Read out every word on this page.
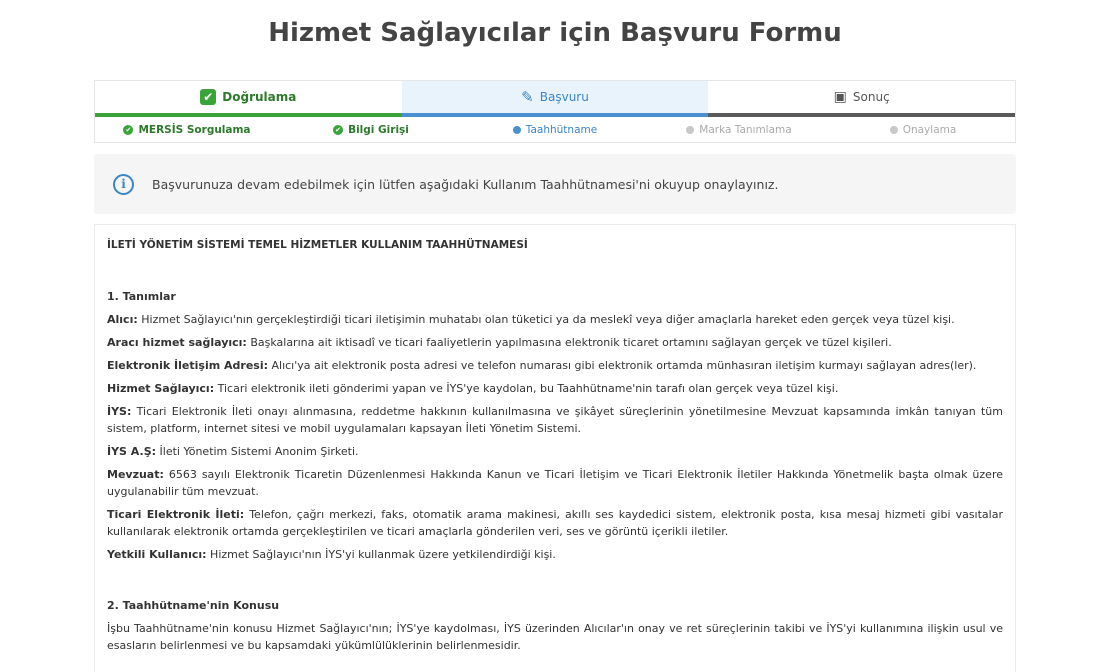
Hizmet Sağlayıcılar için Başvuru Formu
✔ Doğrulama	✎ Başvuru	▣ Sonuç
✔ MERSİS Sorgulama	✔ Bilgi Girişi	Taahhütname	Marka Tanımlama	Onaylama
i	Başvurunuza devam edebilmek için lütfen aşağıdaki Kullanım Taahhütnamesi'ni okuyup onaylayınız.
İLETİ YÖNETİM SİSTEMİ TEMEL HİZMETLER KULLANIM TAAHHÜTNAMESİ
1. Tanımlar

Alıcı: Hizmet Sağlayıcı'nın gerçekleştirdiği ticari iletişimin muhatabı olan tüketici ya da meslekî veya diğer amaçlarla hareket eden gerçek veya tüzel kişi.

Aracı hizmet sağlayıcı: Başkalarına ait iktisadî ve ticari faaliyetlerin yapılmasına elektronik ticaret ortamını sağlayan gerçek ve tüzel kişileri.

Elektronik İletişim Adresi: Alıcı'ya ait elektronik posta adresi ve telefon numarası gibi elektronik ortamda münhasıran iletişim kurmayı sağlayan adres(ler).

Hizmet Sağlayıcı: Ticari elektronik ileti gönderimi yapan ve İYS'ye kaydolan, bu Taahhütname'nin tarafı olan gerçek veya tüzel kişi.

İYS: Ticari Elektronik İleti onayı alınmasına, reddetme hakkının kullanılmasına ve şikâyet süreçlerinin yönetilmesine Mevzuat kapsamında imkân tanıyan tüm sistem, platform, internet sitesi ve mobil uygulamaları kapsayan İleti Yönetim Sistemi.

İYS A.Ş: İleti Yönetim Sistemi Anonim Şirketi.

Mevzuat: 6563 sayılı Elektronik Ticaretin Düzenlenmesi Hakkında Kanun ve Ticari İletişim ve Ticari Elektronik İletiler Hakkında Yönetmelik başta olmak üzere uygulanabilir tüm mevzuat.

Ticari Elektronik İleti: Telefon, çağrı merkezi, faks, otomatik arama makinesi, akıllı ses kaydedici sistem, elektronik posta, kısa mesaj hizmeti gibi vasıtalar kullanılarak elektronik ortamda gerçekleştirilen ve ticari amaçlarla gönderilen veri, ses ve görüntü içerikli iletiler.

Yetkili Kullanıcı: Hizmet Sağlayıcı'nın İYS'yi kullanmak üzere yetkilendirdiği kişi.

2. Taahhütname'nin Konusu

İşbu Taahhütname'nin konusu Hizmet Sağlayıcı'nın; İYS'ye kaydolması, İYS üzerinden Alıcılar'ın onay ve ret süreçlerinin takibi ve İYS'yi kullanımına ilişkin usul ve esasların belirlenmesi ve bu kapsamdaki yükümlülüklerinin belirlenmesidir.
